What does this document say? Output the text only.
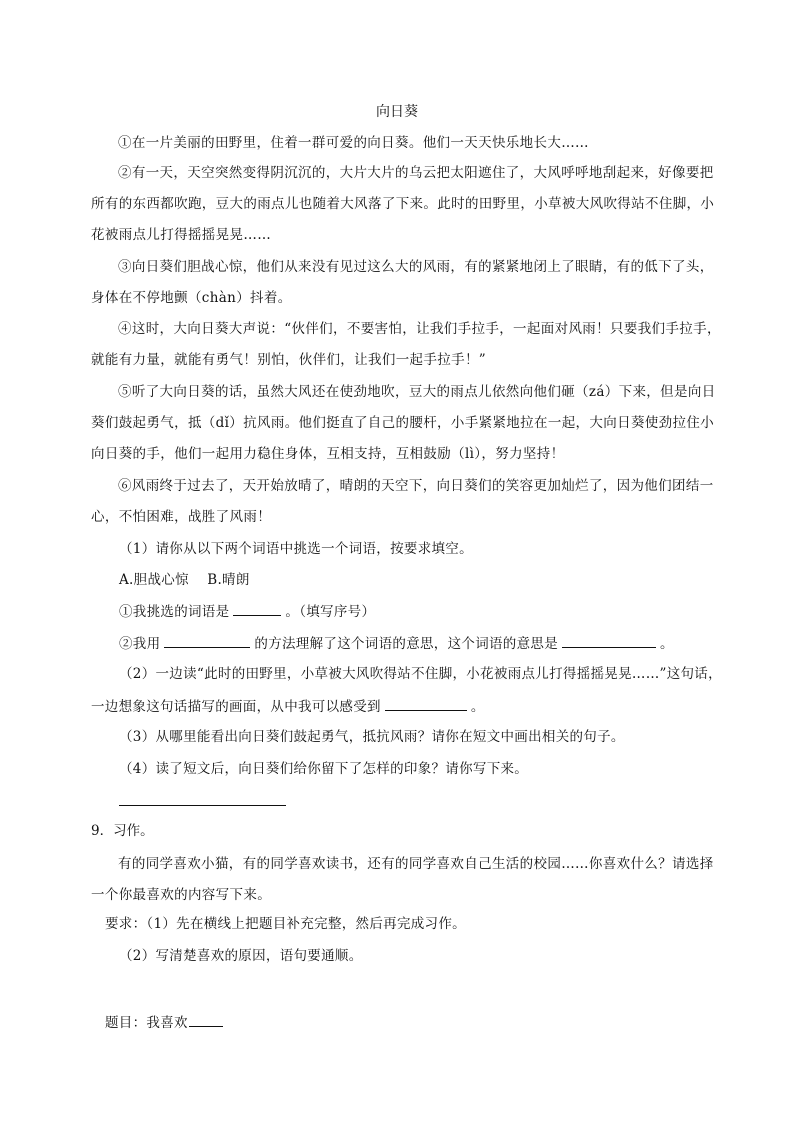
向日葵

①在一片美丽的田野里，住着一群可爱的向日葵。他们一天天快乐地长大……

②有一天，天空突然变得阴沉沉的，大片大片的乌云把太阳遮住了，大风呼呼地刮起来，好像要把所有的东西都吹跑，豆大的雨点儿也随着大风落了下来。此时的田野里，小草被大风吹得站不住脚，小花被雨点儿打得摇摇晃晃……

③向日葵们胆战心惊，他们从来没有见过这么大的风雨，有的紧紧地闭上了眼睛，有的低下了头，身体在不停地颤（chàn）抖着。

④这时，大向日葵大声说：“伙伴们，不要害怕，让我们手拉手，一起面对风雨！只要我们手拉手，就能有力量，就能有勇气！别怕，伙伴们，让我们一起手拉手！”

⑤听了大向日葵的话，虽然大风还在使劲地吹，豆大的雨点儿依然向他们砸（zá）下来，但是向日葵们鼓起勇气，抵（dǐ）抗风雨。他们挺直了自己的腰杆，小手紧紧地拉在一起，大向日葵使劲拉住小向日葵的手，他们一起用力稳住身体，互相支持，互相鼓励（lì），努力坚持！

⑥风雨终于过去了，天开始放晴了，晴朗的天空下，向日葵们的笑容更加灿烂了，因为他们团结一心，不怕困难，战胜了风雨！

（1）请你从以下两个词语中挑选一个词语，按要求填空。
A.胆战心惊　 B.晴朗
①我挑选的词语是	。（填写序号）
②我用	的方法理解了这个词语的意思，这个词语的意思是	。
（2）一边读“此时的田野里，小草被大风吹得站不住脚，小花被雨点儿打得摇摇晃晃……”这句话，
一边想象这句话描写的画面，从中我可以感受到	。
（3）从哪里能看出向日葵们鼓起勇气，抵抗风雨？请你在短文中画出相关的句子。
（4）读了短文后，向日葵们给你留下了怎样的印象？请你写下来。
9．习作。
有的同学喜欢小猫，有的同学喜欢读书，还有的同学喜欢自己生活的校园……你喜欢什么？请选择一个你最喜欢的内容写下来。
要求：（1）先在横线上把题目补充完整，然后再完成习作。
（2）写清楚喜欢的原因，语句要通顺。
题目：我喜欢
